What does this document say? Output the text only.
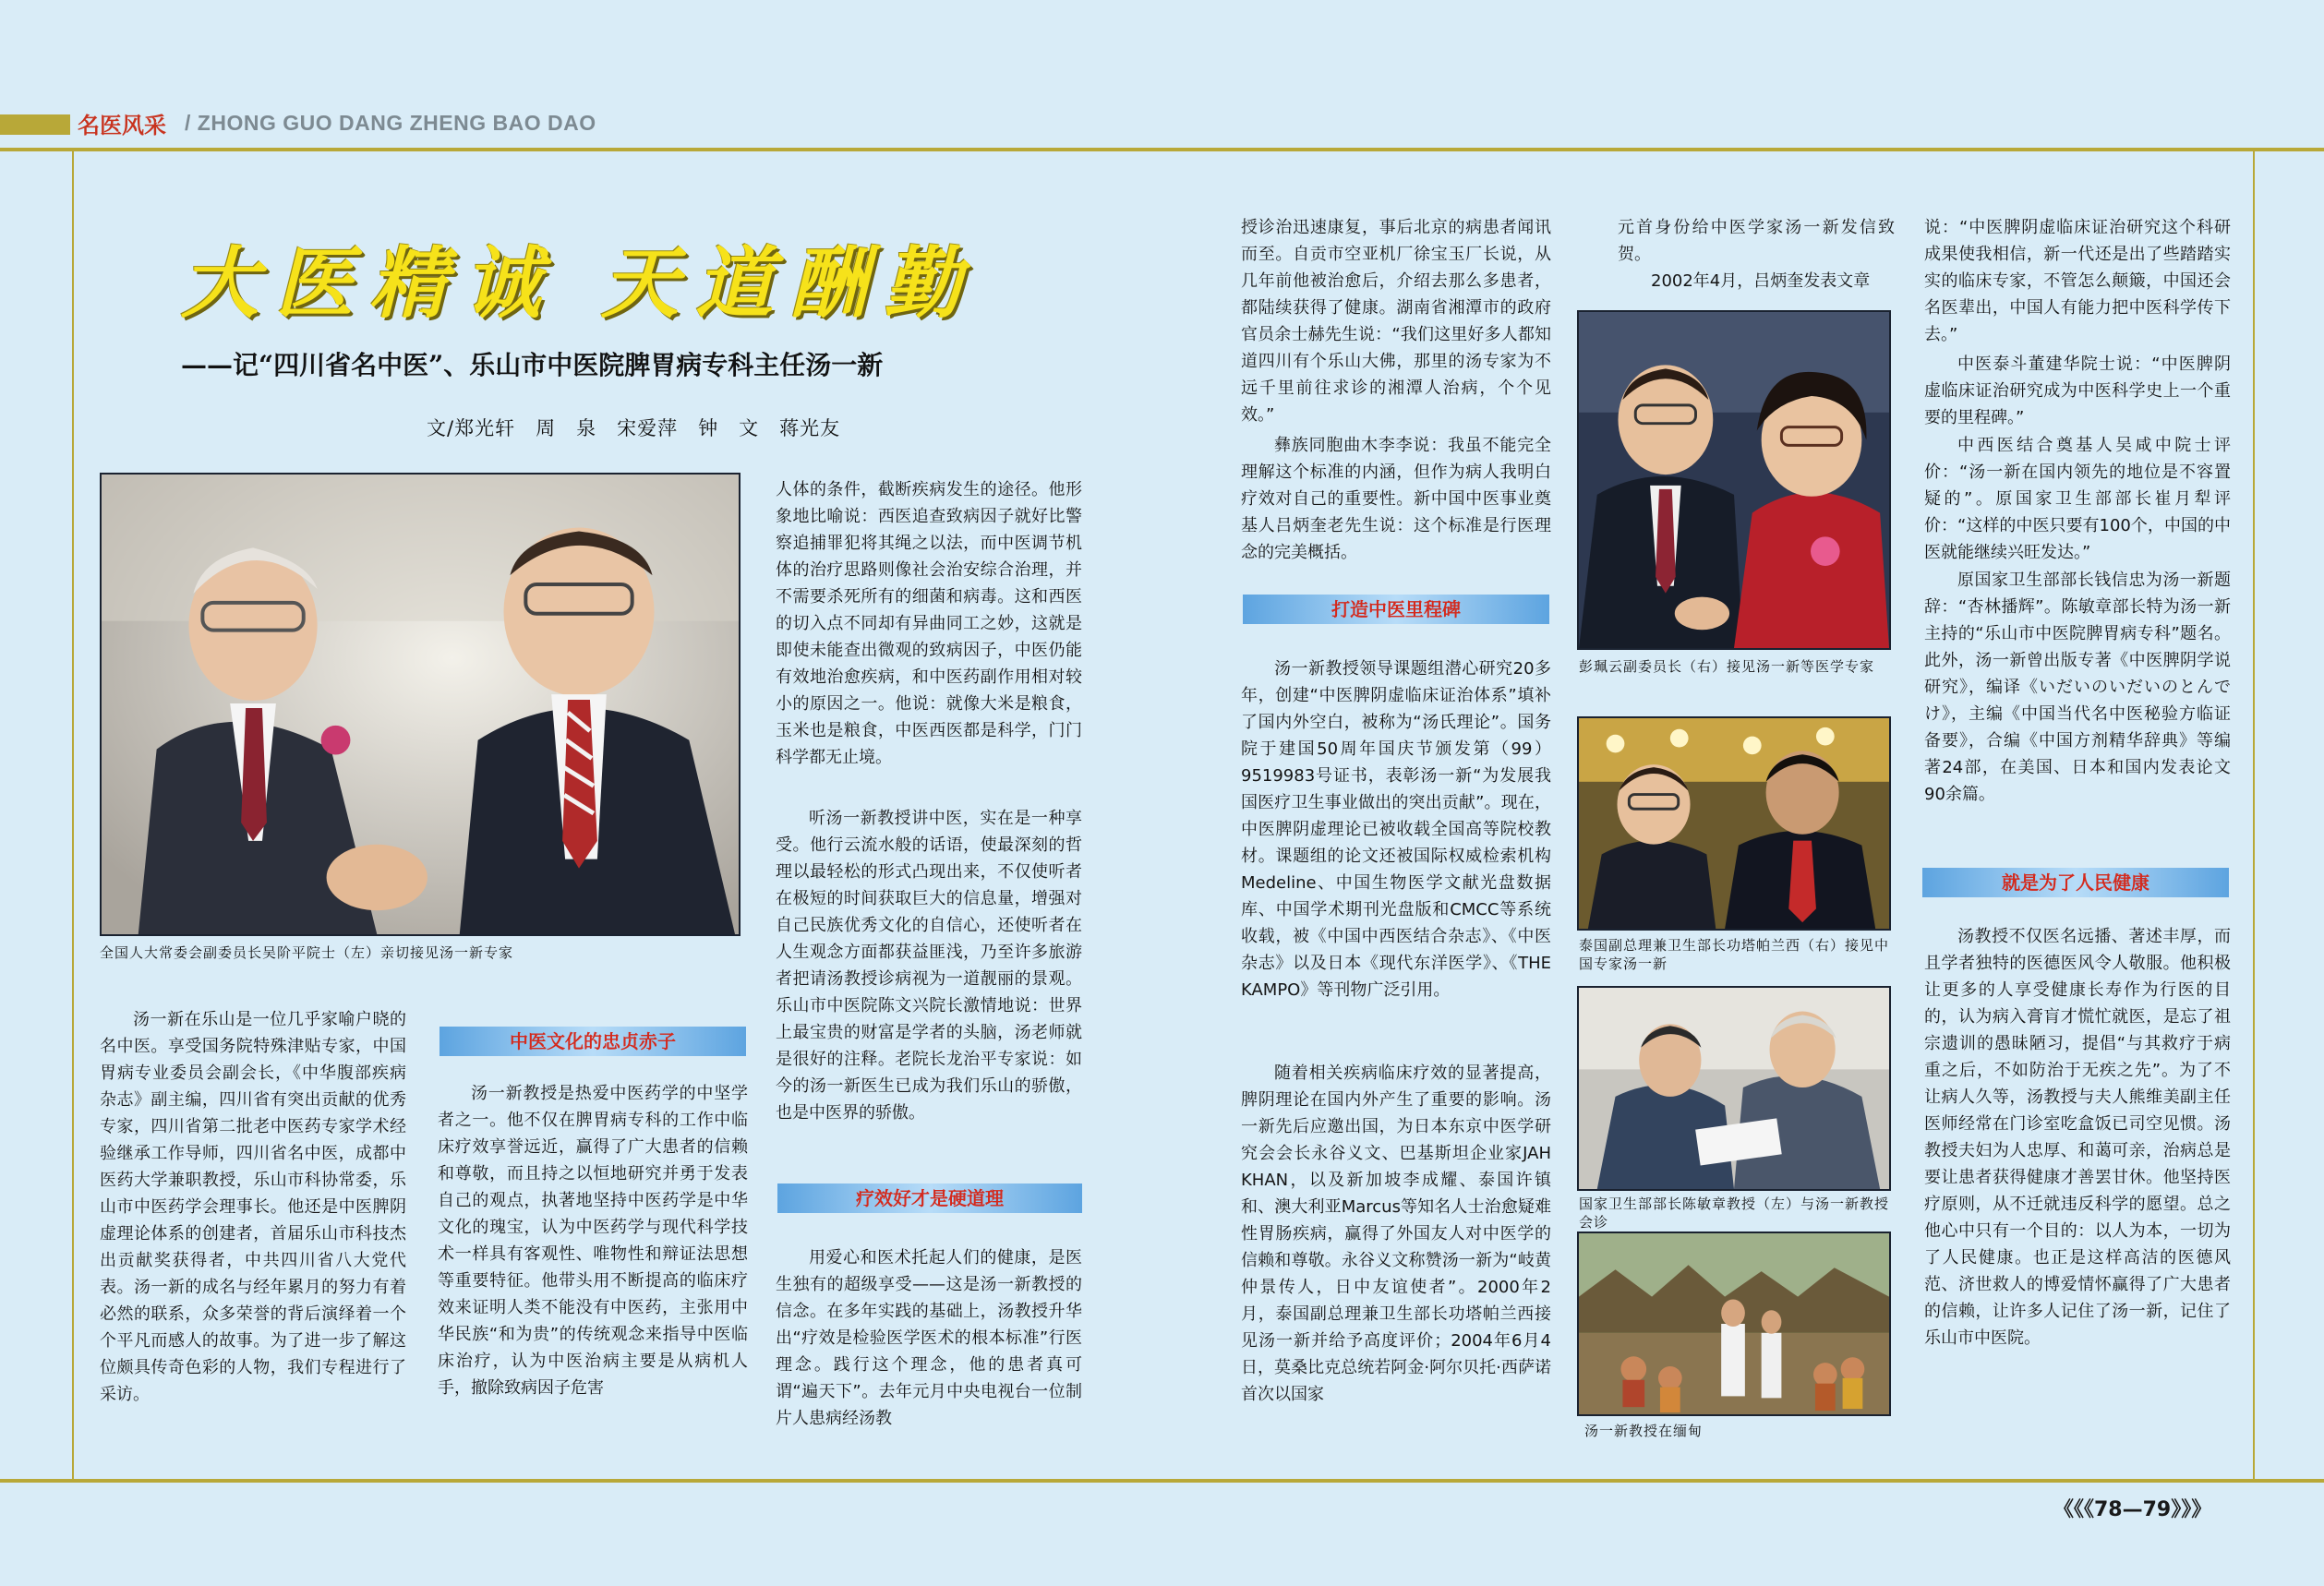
名医风采 / ZHONG GUO DANG ZHENG BAO DAO
大医精诚 天道酬勤
——记“四川省名中医”、乐山市中医院脾胃病专科主任汤一新
文/郑光轩　周　泉　宋爱萍　钟　文　蒋光友
全国人大常委会副委员长吴阶平院士（左）亲切接见汤一新专家

汤一新在乐山是一位几乎家喻户晓的名中医。享受国务院特殊津贴专家，中国胃病专业委员会副会长，《中华腹部疾病杂志》副主编，四川省有突出贡献的优秀专家，四川省第二批老中医药专家学术经验继承工作导师，四川省名中医，成都中医药大学兼职教授，乐山市科协常委，乐山市中医药学会理事长。他还是中医脾阴虚理论体系的创建者，首届乐山市科技杰出贡献奖获得者，中共四川省八大党代表。汤一新的成名与经年累月的努力有着必然的联系，众多荣誉的背后演绎着一个个平凡而感人的故事。为了进一步了解这位颇具传奇色彩的人物，我们专程进行了采访。

中医文化的忠贞赤子

汤一新教授是热爱中医药学的中坚学者之一。他不仅在脾胃病专科的工作中临床疗效享誉远近，赢得了广大患者的信赖和尊敬，而且持之以恒地研究并勇于发表自己的观点，执著地坚持中医药学是中华文化的瑰宝，认为中医药学与现代科学技术一样具有客观性、唯物性和辩证法思想等重要特征。他带头用不断提高的临床疗效来证明人类不能没有中医药，主张用中华民族“和为贵”的传统观念来指导中医临床治疗，认为中医治病主要是从病机人手，撤除致病因子危害

人体的条件，截断疾病发生的途径。他形象地比喻说：西医追查致病因子就好比警察追捕罪犯将其绳之以法，而中医调节机体的治疗思路则像社会治安综合治理，并不需要杀死所有的细菌和病毒。这和西医的切入点不同却有异曲同工之妙，这就是即使未能查出微观的致病因子，中医仍能有效地治愈疾病，和中医药副作用相对较小的原因之一。他说：就像大米是粮食，玉米也是粮食，中医西医都是科学，门门科学都无止境。

听汤一新教授讲中医，实在是一种享受。他行云流水般的话语，使最深刻的哲理以最轻松的形式凸现出来，不仅使听者在极短的时间获取巨大的信息量，增强对自己民族优秀文化的自信心，还使听者在人生观念方面都获益匪浅，乃至许多旅游者把请汤教授诊病视为一道靓丽的景观。乐山市中医院陈文兴院长激情地说：世界上最宝贵的财富是学者的头脑，汤老师就是很好的注释。老院长龙治平专家说：如今的汤一新医生已成为我们乐山的骄傲，也是中医界的骄傲。

疗效好才是硬道理

用爱心和医术托起人们的健康，是医生独有的超级享受——这是汤一新教授的信念。在多年实践的基础上，汤教授升华出“疗效是检验医学医术的根本标准”行医理念。践行这个理念，他的患者真可谓“遍天下”。去年元月中央电视台一位制片人患病经汤教

授诊治迅速康复，事后北京的病患者闻讯而至。自贡市空亚机厂徐宝玉厂长说，从几年前他被治愈后，介绍去那么多患者，都陆续获得了健康。湖南省湘潭市的政府官员余士赫先生说：“我们这里好多人都知道四川有个乐山大佛，那里的汤专家为不远千里前往求诊的湘潭人治病，个个见效。”

彝族同胞曲木李李说：我虽不能完全理解这个标准的内涵，但作为病人我明白疗效对自己的重要性。新中国中医事业奠基人吕炳奎老先生说：这个标准是行医理念的完美概括。

打造中医里程碑

汤一新教授领导课题组潜心研究20多年，创建“中医脾阴虚临床证治体系”填补了国内外空白，被称为“汤氏理论”。国务院于建国50周年国庆节颁发第（99）9519983号证书，表彰汤一新“为发展我国医疗卫生事业做出的突出贡献”。现在，中医脾阴虚理论已被收载全国高等院校教材。课题组的论文还被国际权威检索机构Medeline、中国生物医学文献光盘数据库、中国学术期刊光盘版和CMCC等系统收载，被《中国中西医结合杂志》、《中医杂志》以及日本《现代东洋医学》、《THE KAMPO》等刊物广泛引用。

随着相关疾病临床疗效的显著提高，脾阴理论在国内外产生了重要的影响。汤一新先后应邀出国，为日本东京中医学研究会会长永谷义文、巴基斯坦企业家JAH KHAN，以及新加坡李成耀、泰国许镇和、澳大利亚Marcus等知名人士治愈疑难性胃肠疾病，赢得了外国友人对中医学的信赖和尊敬。永谷义文称赞汤一新为“岐黄仲景传人，日中友谊使者”。2000年2月，泰国副总理兼卫生部长功塔帕兰西接见汤一新并给予高度评价；2004年6月4日，莫桑比克总统若阿金·阿尔贝托·西萨诺首次以国家

元首身份给中医学家汤一新发信致贺。

2002年4月，吕炳奎发表文章

彭珮云副委员长（右）接见汤一新等医学专家
泰国副总理兼卫生部长功塔帕兰西（右）接见中国专家汤一新
国家卫生部部长陈敏章教授（左）与汤一新教授会诊
汤一新教授在缅甸

说：“中医脾阴虚临床证治研究这个科研成果使我相信，新一代还是出了些踏踏实实的临床专家，不管怎么颠簸，中国还会名医辈出，中国人有能力把中医科学传下去。”

中医泰斗董建华院士说：“中医脾阴虚临床证治研究成为中医科学史上一个重要的里程碑。”

中西医结合奠基人吴咸中院士评价：“汤一新在国内领先的地位是不容置疑的”。原国家卫生部部长崔月犁评价：“这样的中医只要有100个，中国的中医就能继续兴旺发达。”

原国家卫生部部长钱信忠为汤一新题辞：“杏林播辉”。陈敏章部长特为汤一新主持的“乐山市中医院脾胃病专科”题名。此外，汤一新曾出版专著《中医脾阴学说研究》，编译《いだいのいだいのとんでけ》，主编《中国当代名中医秘验方临证备要》，合编《中国方剂精华辞典》等编著24部，在美国、日本和国内发表论文90余篇。

就是为了人民健康

汤教授不仅医名远播、著述丰厚，而且学者独特的医德医风令人敬服。他积极让更多的人享受健康长寿作为行医的目的，认为病入膏肓才慌忙就医，是忘了祖宗遗训的愚昧陋习，提倡“与其救疗于病重之后，不如防治于无疾之先”。为了不让病人久等，汤教授与夫人熊维美副主任医师经常在门诊室吃盒饭已司空见惯。汤教授夫妇为人忠厚、和蔼可亲，治病总是要让患者获得健康才善罢甘休。他坚持医疗原则，从不迁就违反科学的愿望。总之他心中只有一个目的：以人为本，一切为了人民健康。也正是这样高洁的医德风范、济世救人的博爱情怀赢得了广大患者的信赖，让许多人记住了汤一新，记住了乐山市中医院。

《《《78—79》》》
